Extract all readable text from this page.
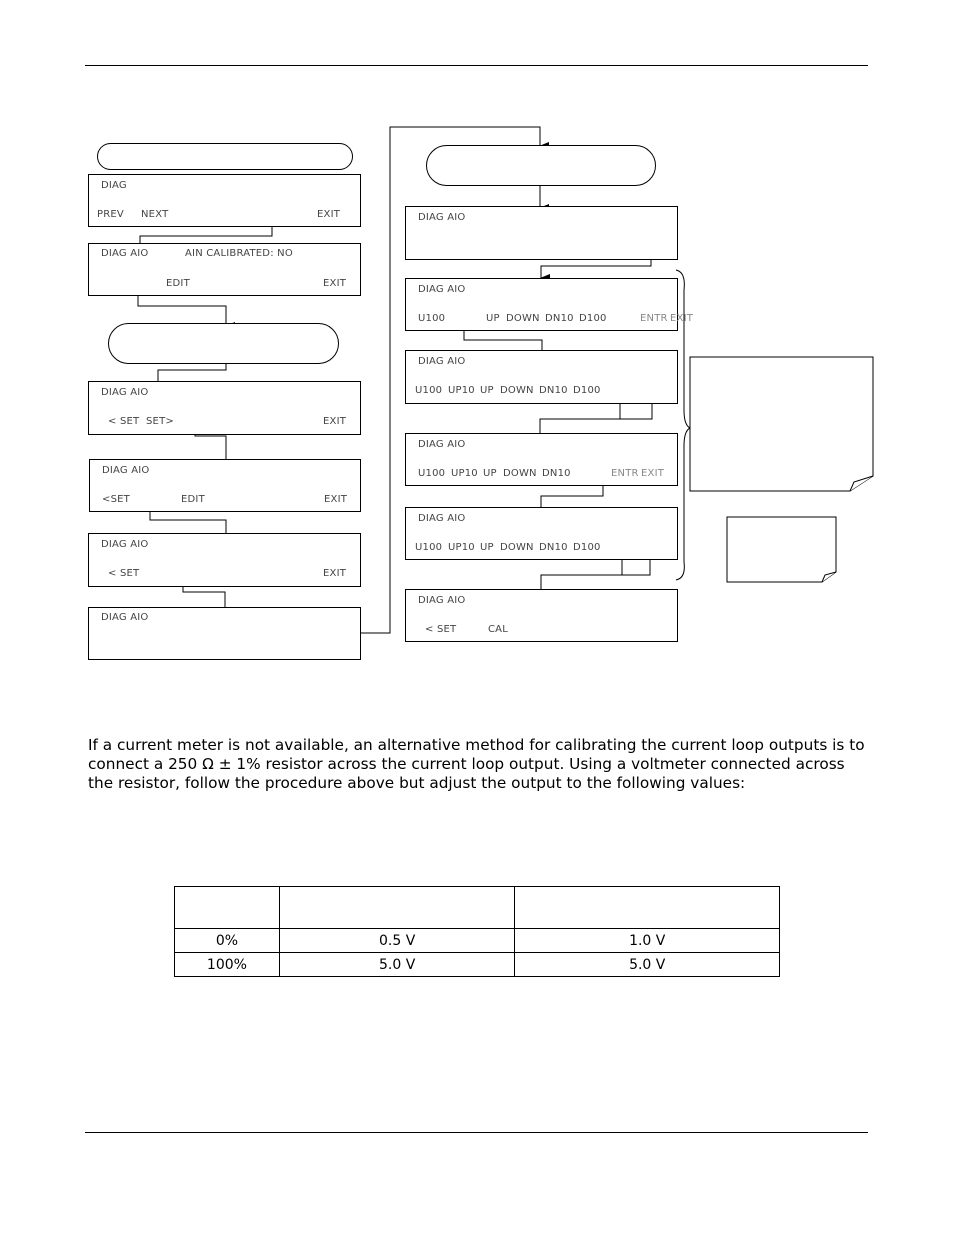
DIAG
PREV NEXT	EXIT
DIAG AIO	AIN CALIBRATED: NO
EDIT	EXIT
DIAG AIO
< SET SET>	EXIT
DIAG AIO
<SET	EDIT	EXIT
DIAG AIO
< SET	EXIT
DIAG AIO
DIAG AIO
DIAG AIO
U100	UP DOWN DN10 D100	ENTR EXIT
DIAG AIO
U100 UP10 UP DOWN DN10 D100
DIAG AIO
U100 UP10 UP DOWN DN10	ENTR EXIT
DIAG AIO
U100 UP10 UP DOWN DN10 D100
DIAG AIO
< SET	CAL

If a current meter is not available, an alternative method for calibrating the current loop outputs is to connect a 250 Ω ± 1% resistor across the current loop output. Using a voltmeter connected across the resistor, follow the procedure above but adjust the output to the following values:

0%	0.5 V	1.0 V
100%	5.0 V	5.0 V
